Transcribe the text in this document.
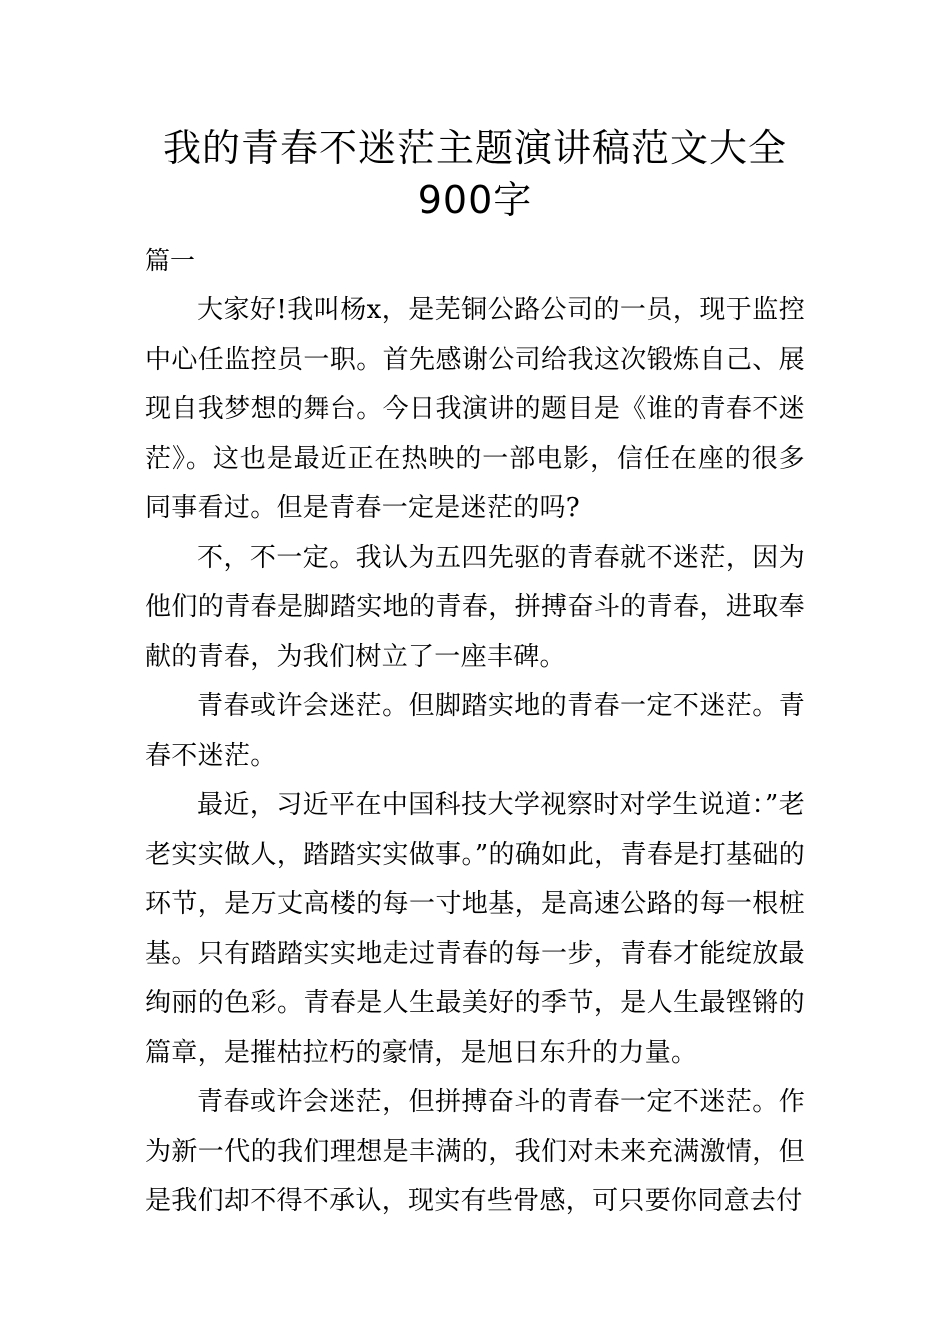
我的青春不迷茫主题演讲稿范文大全
900字
篇一

大家好!我叫杨x，是芜铜公路公司的一员，现于监控中心任监控员一职。首先感谢公司给我这次锻炼自己、展现自我梦想的舞台。今日我演讲的题目是《谁的青春不迷茫》。这也是最近正在热映的一部电影，信任在座的很多同事看过。但是青春一定是迷茫的吗?

不，不一定。我认为五四先驱的青春就不迷茫，因为他们的青春是脚踏实地的青春，拼搏奋斗的青春，进取奉献的青春，为我们树立了一座丰碑。

青春或许会迷茫。但脚踏实地的青春一定不迷茫。青春不迷茫。

最近，习近平在中国科技大学视察时对学生说道：”老老实实做人，踏踏实实做事。”的确如此，青春是打基础的环节，是万丈高楼的每一寸地基，是高速公路的每一根桩基。只有踏踏实实地走过青春的每一步，青春才能绽放最绚丽的色彩。青春是人生最美好的季节，是人生最铿锵的篇章，是摧枯拉朽的豪情，是旭日东升的力量。

青春或许会迷茫，但拼搏奋斗的青春一定不迷茫。作为新一代的我们理想是丰满的，我们对未来充满激情，但是我们却不得不承认，现实有些骨感，可只要你同意去付
